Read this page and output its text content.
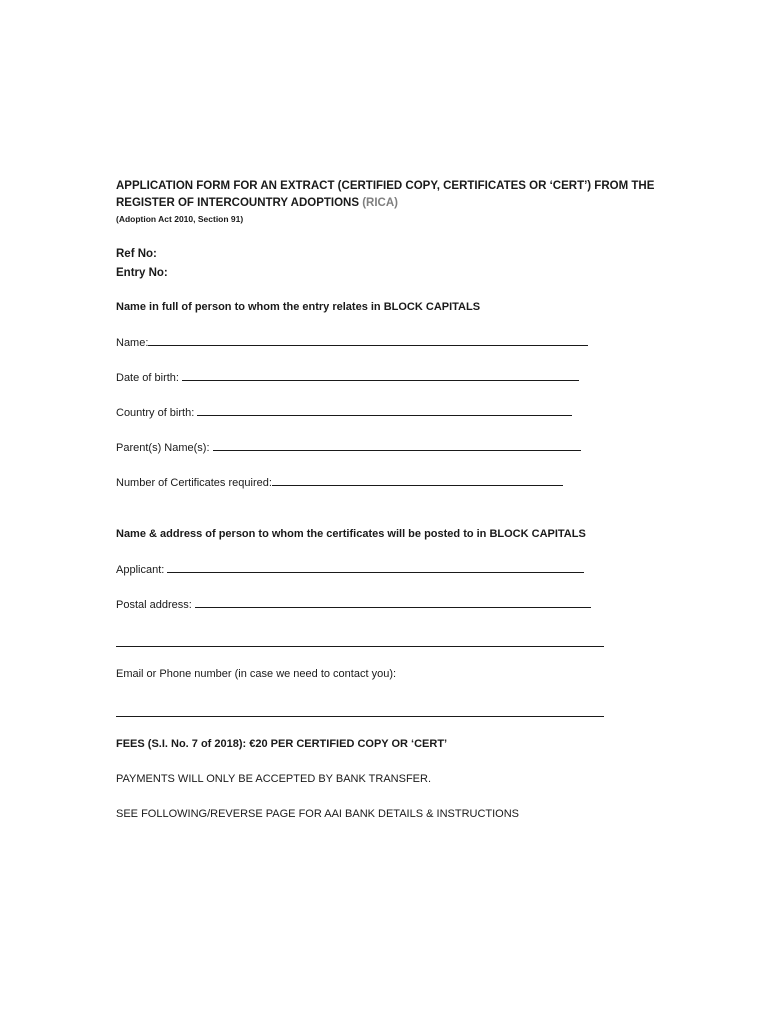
APPLICATION FORM FOR AN EXTRACT (CERTIFIED COPY, CERTIFICATES OR ‘CERT’) FROM THE REGISTER OF INTERCOUNTRY ADOPTIONS (RICA)

(Adoption Act 2010, Section 91)

Ref No:
Entry No:

Name in full of person to whom the entry relates in BLOCK CAPITALS

Name:

Date of birth:

Country of birth:

Parent(s) Name(s):

Number of Certificates required:

Name & address of person to whom the certificates will be posted to in BLOCK CAPITALS

Applicant:

Postal address:

Email or Phone number (in case we need to contact you):

FEES (S.I. No. 7 of 2018): €20 PER CERTIFIED COPY OR ‘CERT’

PAYMENTS WILL ONLY BE ACCEPTED BY BANK TRANSFER.

SEE FOLLOWING/REVERSE PAGE FOR AAI BANK DETAILS & INSTRUCTIONS
